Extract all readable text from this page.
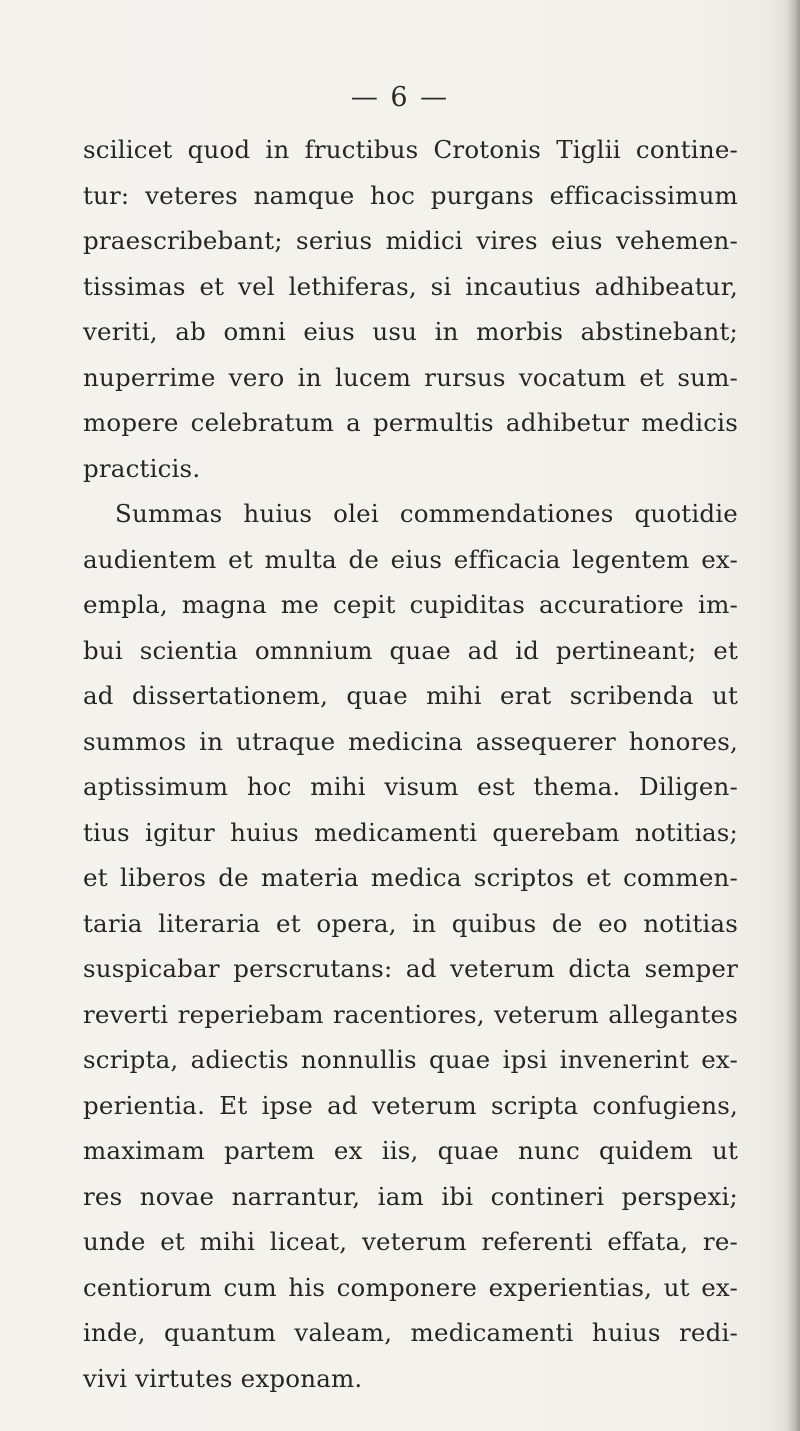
— 6 —
scilicet quod in fructibus Crotonis Tiglii contine-
tur: veteres namque hoc purgans efficacissimum
praescribebant; serius midici vires eius vehemen-
tissimas et vel lethiferas, si incautius adhibeatur,
veriti, ab omni eius usu in morbis abstinebant;
nuperrime vero in lucem rursus vocatum et sum-
mopere celebratum a permultis adhibetur medicis
practicis.
Summas huius olei commendationes quotidie
audientem et multa de eius efficacia legentem ex-
empla, magna me cepit cupiditas accuratiore im-
bui scientia omnnium quae ad id pertineant; et
ad dissertationem, quae mihi erat scribenda ut
summos in utraque medicina assequerer honores,
aptissimum hoc mihi visum est thema. Diligen-
tius igitur huius medicamenti querebam notitias;
et liberos de materia medica scriptos et commen-
taria literaria et opera, in quibus de eo notitias
suspicabar perscrutans: ad veterum dicta semper
reverti reperiebam racentiores, veterum allegantes
scripta, adiectis nonnullis quae ipsi invenerint ex-
perientia. Et ipse ad veterum scripta confugiens,
maximam partem ex iis, quae nunc quidem ut
res novae narrantur, iam ibi contineri perspexi;
unde et mihi liceat, veterum referenti effata, re-
centiorum cum his componere experientias, ut ex-
inde, quantum valeam, medicamenti huius redi-
vivi virtutes exponam.
